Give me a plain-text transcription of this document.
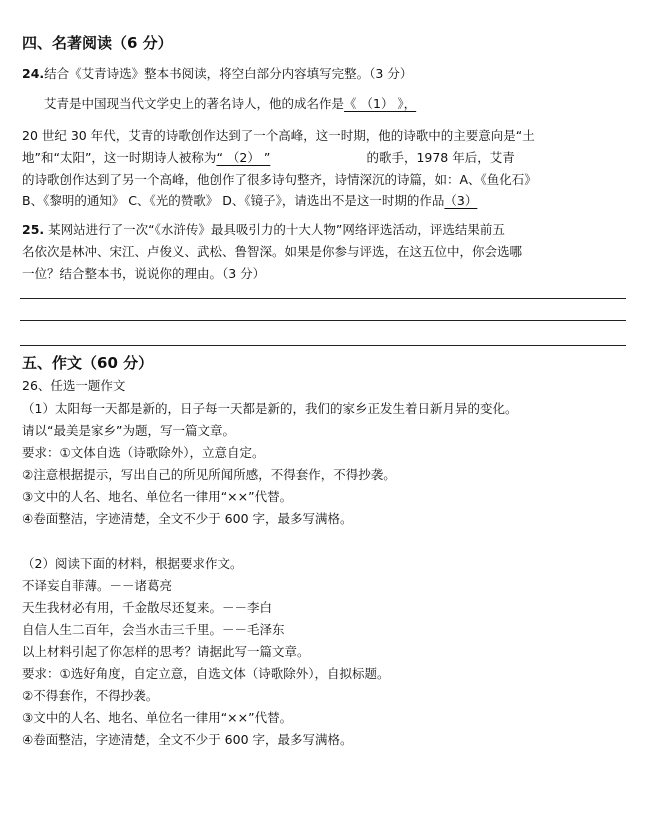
四、名著阅读（6 分）
24.结合《艾青诗选》整本书阅读，将空白部分内容填写完整。（3 分）
艾青是中国现当代文学史上的著名诗人，他的成名作是《 （1） 》，
20 世纪 30 年代，艾青的诗歌创作达到了一个高峰，这一时期，他的诗歌中的主要意向是“土
地”和“太阳”，这一时期诗人被称为“ （2） ”	的歌手，1978 年后，艾青
的诗歌创作达到了另一个高峰，他创作了很多诗句整齐，诗情深沉的诗篇，如：A、《鱼化石》
B、《黎明的通知》 C、《光的赞歌》 D、《镜子》，请选出不是这一时期的作品（3）
25. 某网站进行了一次“《水浒传》最具吸引力的十大人物”网络评选活动，评选结果前五
名依次是林冲、宋江、卢俊义、武松、鲁智深。如果是你参与评选，在这五位中，你会选哪
一位？结合整本书，说说你的理由。（3 分）
五、作文（60 分）
26、任选一题作文
（1）太阳每一天都是新的，日子每一天都是新的，我们的家乡正发生着日新月异的变化。
请以“最美是家乡”为题，写一篇文章。
要求：①文体自选（诗歌除外），立意自定。
②注意根据提示，写出自己的所见所闻所感，不得套作，不得抄袭。
③文中的人名、地名、单位名一律用“××”代替。
④卷面整洁，字迹清楚，全文不少于 600 字，最多写满格。
（2）阅读下面的材料，根据要求作文。
不译妄自菲薄。－－诸葛亮
天生我材必有用，千金散尽还复来。－－李白
自信人生二百年，会当水击三千里。－－毛泽东
以上材料引起了你怎样的思考？请据此写一篇文章。
要求：①选好角度，自定立意，自选文体（诗歌除外），自拟标题。
②不得套作，不得抄袭。
③文中的人名、地名、单位名一律用“××”代替。
④卷面整洁，字迹清楚，全文不少于 600 字，最多写满格。
